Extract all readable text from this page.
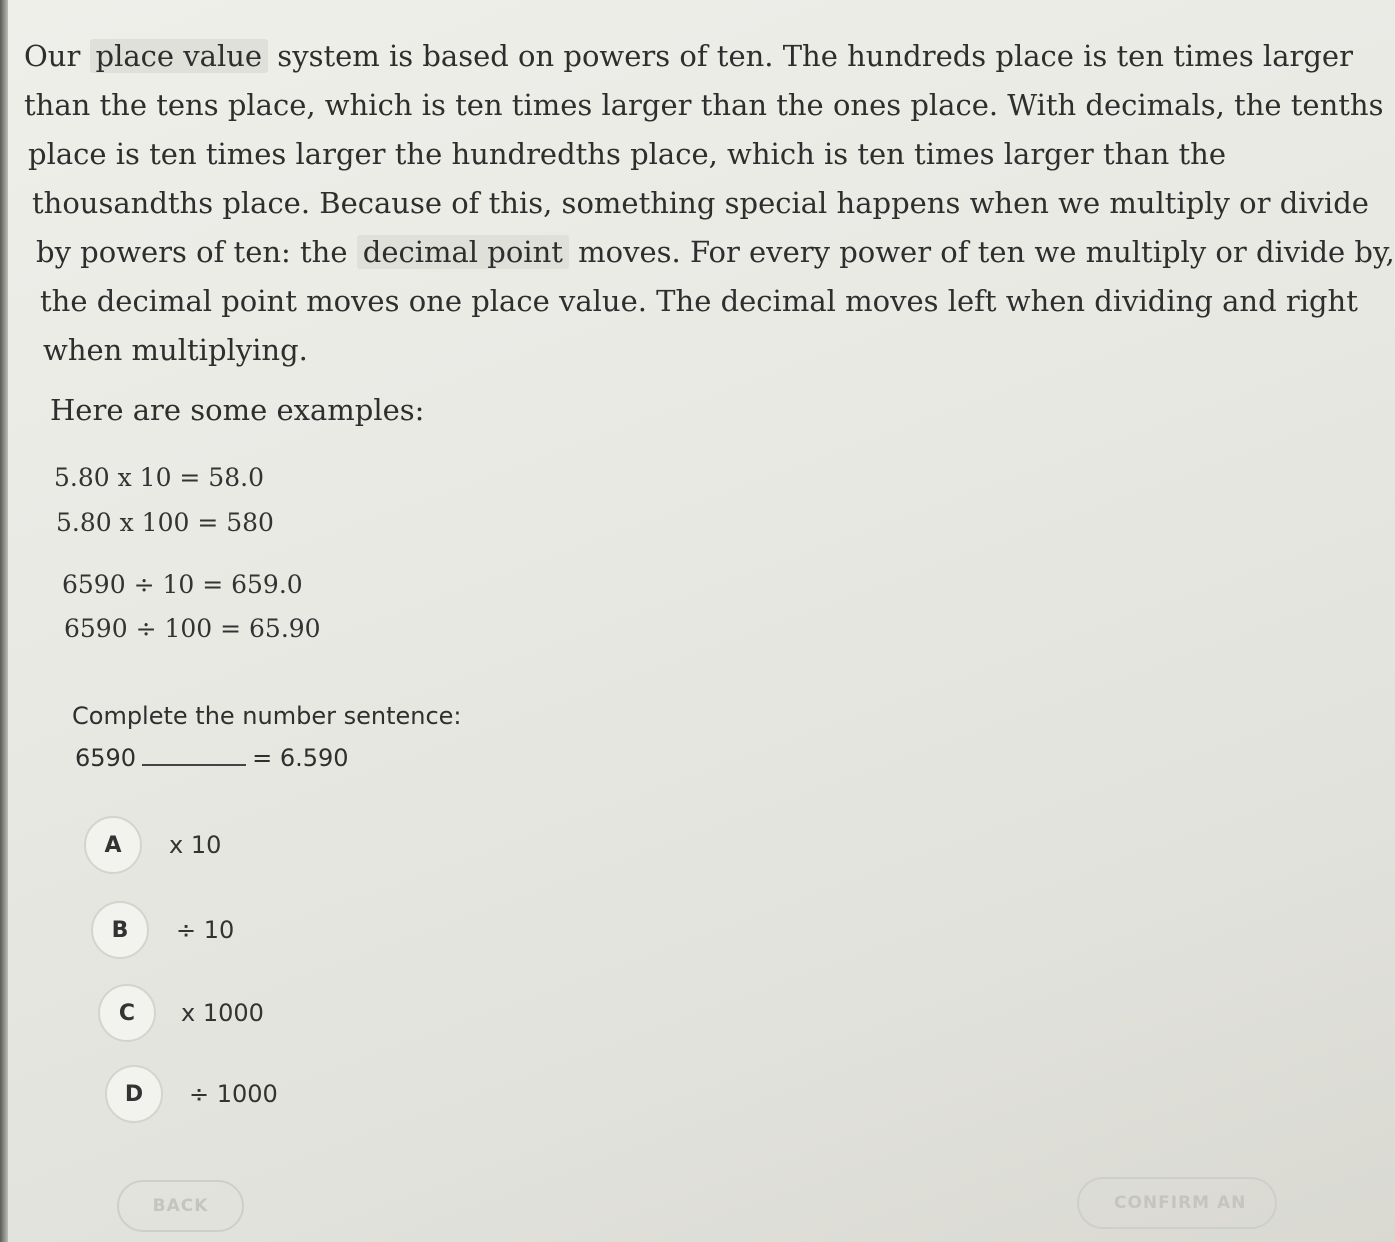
Our place value system is based on powers of ten. The hundreds place is ten times larger
than the tens place, which is ten times larger than the ones place. With decimals, the tenths
place is ten times larger the hundredths place, which is ten times larger than the
thousandths place. Because of this, something special happens when we multiply or divide
by powers of ten: the decimal point moves. For every power of ten we multiply or divide by,
the decimal point moves one place value. The decimal moves left when dividing and right
when multiplying.

Here are some examples:
5.80 x 10 = 58.0
5.80 x 100 = 580
6590 ÷ 10 = 659.0
6590 ÷ 100 = 65.90
Complete the number sentence:
6590	= 6.590
A	x 10
B	÷ 10
C	x 1000
D	÷ 1000
BACK	CONFIRM AN
